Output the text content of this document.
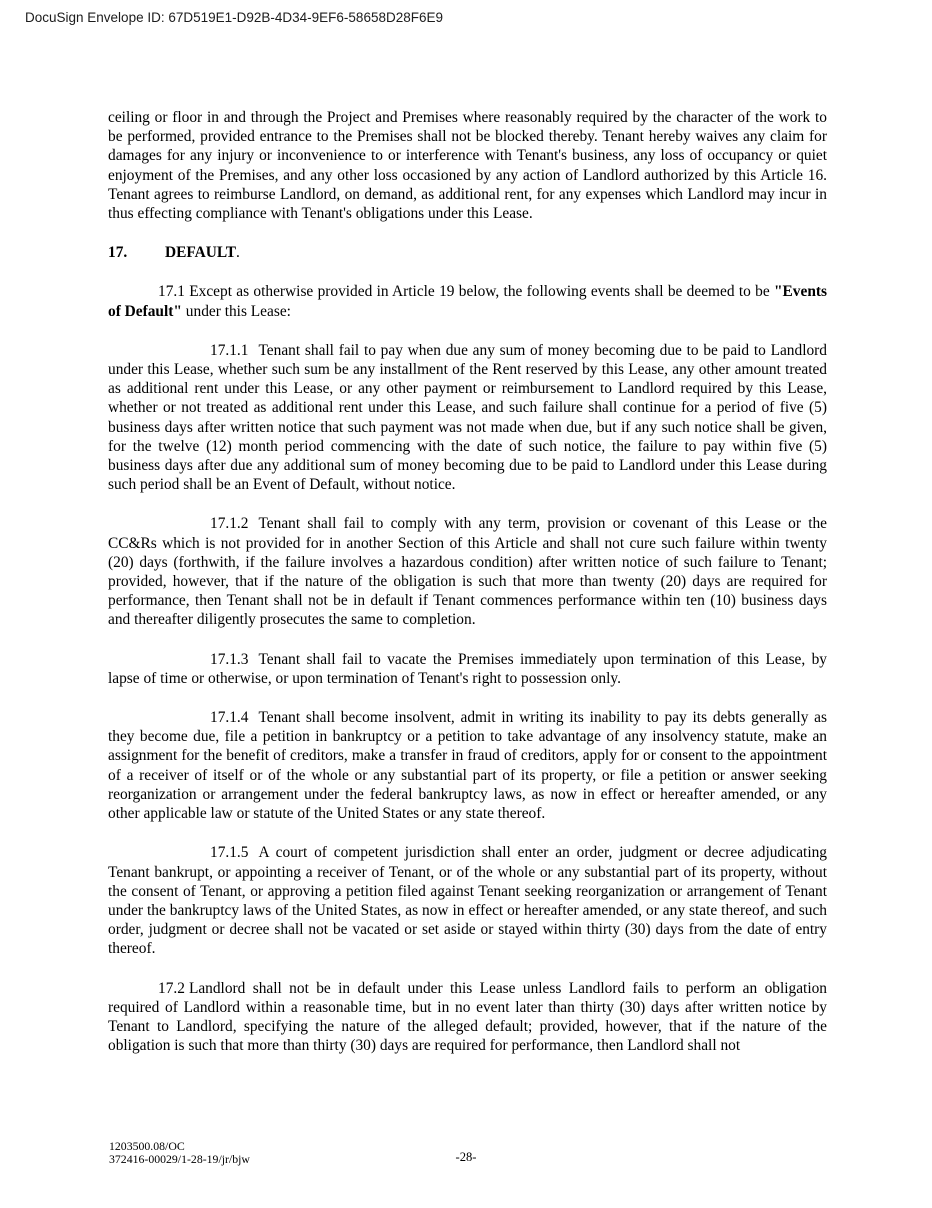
DocuSign Envelope ID: 67D519E1-D92B-4D34-9EF6-58658D28F6E9

ceiling or floor in and through the Project and Premises where reasonably required by the character of the work to be performed, provided entrance to the Premises shall not be blocked thereby. Tenant hereby waives any claim for damages for any injury or inconvenience to or interference with Tenant's business, any loss of occupancy or quiet enjoyment of the Premises, and any other loss occasioned by any action of Landlord authorized by this Article 16. Tenant agrees to reimburse Landlord, on demand, as additional rent, for any expenses which Landlord may incur in thus effecting compliance with Tenant's obligations under this Lease.

17. DEFAULT.

17.1 Except as otherwise provided in Article 19 below, the following events shall be deemed to be "Events of Default" under this Lease:

17.1.1 Tenant shall fail to pay when due any sum of money becoming due to be paid to Landlord under this Lease, whether such sum be any installment of the Rent reserved by this Lease, any other amount treated as additional rent under this Lease, or any other payment or reimbursement to Landlord required by this Lease, whether or not treated as additional rent under this Lease, and such failure shall continue for a period of five (5) business days after written notice that such payment was not made when due, but if any such notice shall be given, for the twelve (12) month period commencing with the date of such notice, the failure to pay within five (5) business days after due any additional sum of money becoming due to be paid to Landlord under this Lease during such period shall be an Event of Default, without notice.

17.1.2 Tenant shall fail to comply with any term, provision or covenant of this Lease or the CC&Rs which is not provided for in another Section of this Article and shall not cure such failure within twenty (20) days (forthwith, if the failure involves a hazardous condition) after written notice of such failure to Tenant; provided, however, that if the nature of the obligation is such that more than twenty (20) days are required for performance, then Tenant shall not be in default if Tenant commences performance within ten (10) business days and thereafter diligently prosecutes the same to completion.

17.1.3 Tenant shall fail to vacate the Premises immediately upon termination of this Lease, by lapse of time or otherwise, or upon termination of Tenant's right to possession only.

17.1.4 Tenant shall become insolvent, admit in writing its inability to pay its debts generally as they become due, file a petition in bankruptcy or a petition to take advantage of any insolvency statute, make an assignment for the benefit of creditors, make a transfer in fraud of creditors, apply for or consent to the appointment of a receiver of itself or of the whole or any substantial part of its property, or file a petition or answer seeking reorganization or arrangement under the federal bankruptcy laws, as now in effect or hereafter amended, or any other applicable law or statute of the United States or any state thereof.

17.1.5 A court of competent jurisdiction shall enter an order, judgment or decree adjudicating Tenant bankrupt, or appointing a receiver of Tenant, or of the whole or any substantial part of its property, without the consent of Tenant, or approving a petition filed against Tenant seeking reorganization or arrangement of Tenant under the bankruptcy laws of the United States, as now in effect or hereafter amended, or any state thereof, and such order, judgment or decree shall not be vacated or set aside or stayed within thirty (30) days from the date of entry thereof.

17.2 Landlord shall not be in default under this Lease unless Landlord fails to perform an obligation required of Landlord within a reasonable time, but in no event later than thirty (30) days after written notice by Tenant to Landlord, specifying the nature of the alleged default; provided, however, that if the nature of the obligation is such that more than thirty (30) days are required for performance, then Landlord shall not

1203500.08/OC
372416-00029/1-28-19/jr/bjw	-28-
